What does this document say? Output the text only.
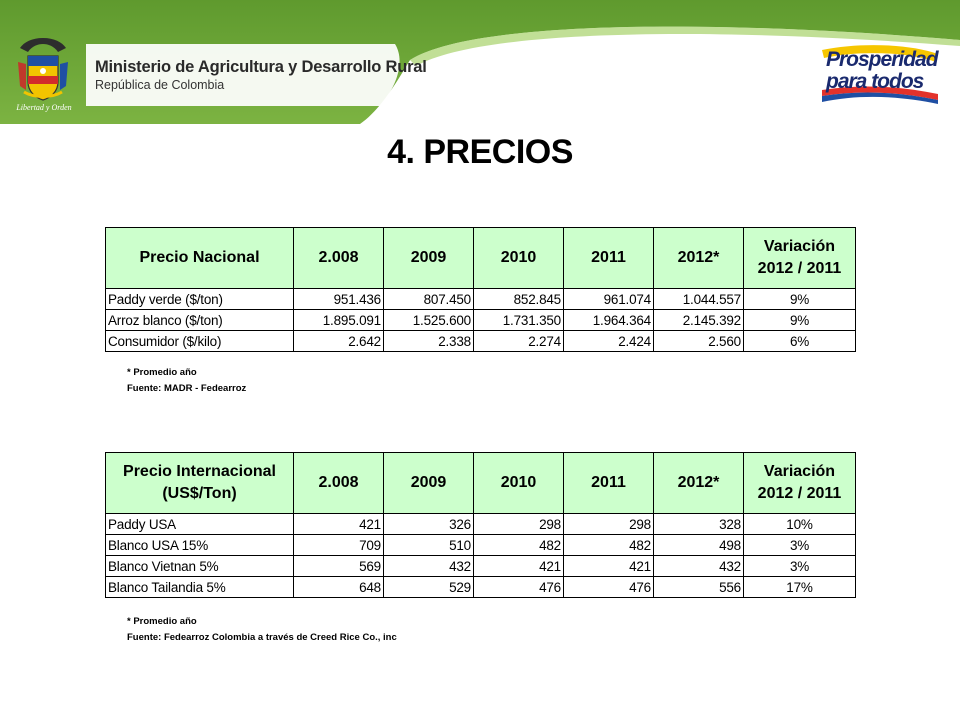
Libertad y Orden
Ministerio de Agricultura y Desarrollo Rural
República de Colombia
Prosperidad
para todos
4. PRECIOS
Precio Nacional	2.008	2009	2010	2011	2012*	Variación 2012 / 2011
Paddy verde ($/ton)	951.436	807.450	852.845	961.074	1.044.557	9%
Arroz blanco ($/ton)	1.895.091	1.525.600	1.731.350	1.964.364	2.145.392	9%
Consumidor ($/kilo)	2.642	2.338	2.274	2.424	2.560	6%
* Promedio año
Fuente: MADR - Fedearroz
Precio Internacional (US$/Ton)	2.008	2009	2010	2011	2012*	Variación 2012 / 2011
Paddy USA	421	326	298	298	328	10%
Blanco USA 15%	709	510	482	482	498	3%
Blanco Vietnan 5%	569	432	421	421	432	3%
Blanco Tailandia 5%	648	529	476	476	556	17%
* Promedio año
Fuente: Fedearroz Colombia a través de Creed Rice Co., inc
